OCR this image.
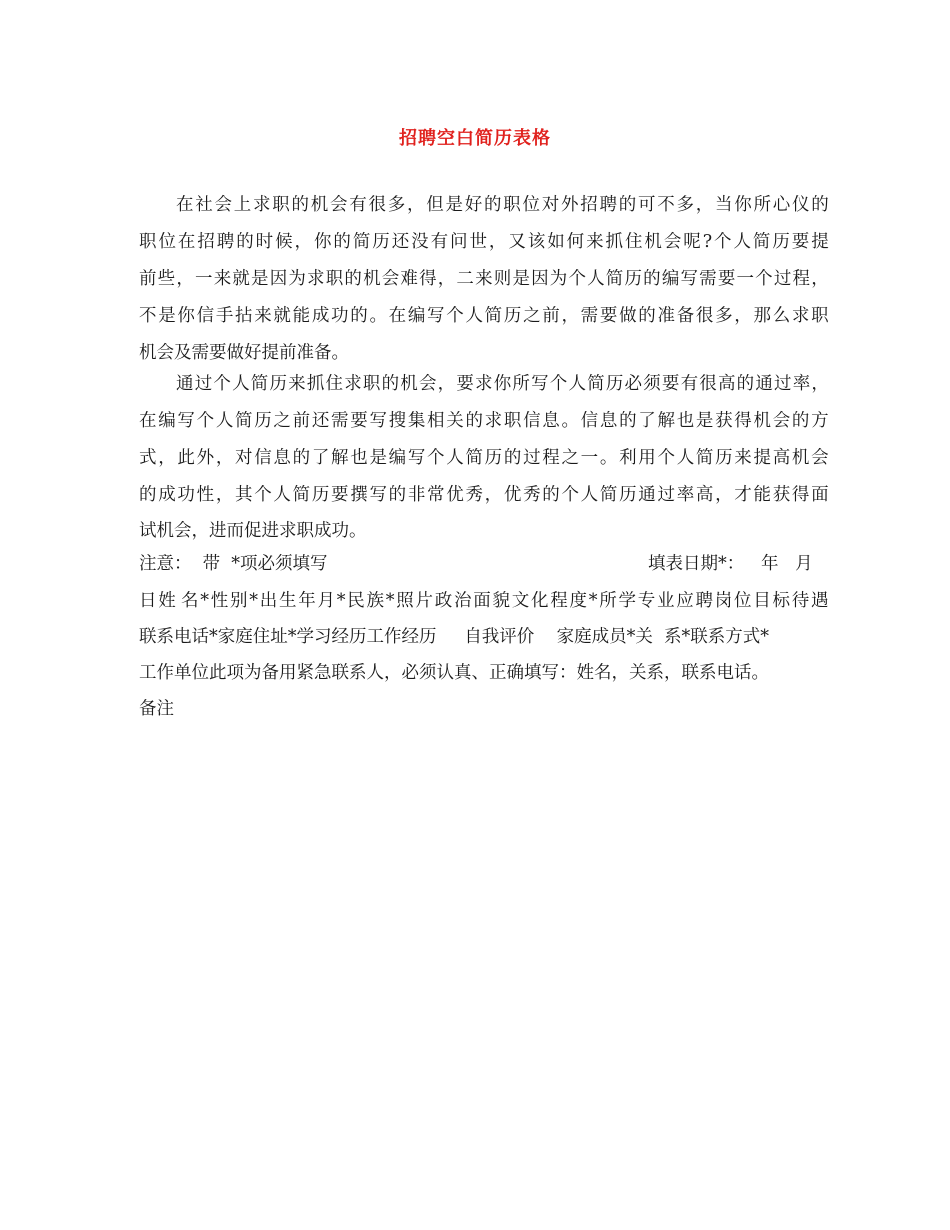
招聘空白简历表格
在 社 会 上 求 职 的 机 会 有 很 多 ， 但 是 好 的 职 位 对 外 招 聘 的 可 不 多 ， 当 你 所 心 仪 的
职 位 在 招 聘 的 时 候 ， 你 的 简 历 还 没 有 问 世 ， 又 该 如 何 来 抓 住 机 会 呢 ? 个 人 简 历 要 提
前 些 ， 一 来 就 是 因 为 求 职 的 机 会 难 得 ， 二 来 则 是 因 为 个 人 简 历 的 编 写 需 要 一 个 过 程 ，
不 是 你 信 手 拈 来 就 能 成 功 的 。 在 编 写 个 人 简 历 之 前 ， 需 要 做 的 准 备 很 多 ， 那 么 求 职
机会及需要做好提前准备。
通 过 个 人 简 历 来 抓 住 求 职 的 机 会 ， 要 求 你 所 写 个 人 简 历 必 须 要 有 很 高 的 通 过 率 ，
在 编 写 个 人 简 历 之 前 还 需 要 写 搜 集 相 关 的 求 职 信 息 。 信 息 的 了 解 也 是 获 得 机 会 的 方
式 ， 此 外 ， 对 信 息 的 了 解 也 是 编 写 个 人 简 历 的 过 程 之 一 。 利 用 个 人 简 历 来 提 高 机 会
的 成 功 性 ， 其 个 人 简 历 要 撰 写 的 非 常 优 秀 ， 优 秀 的 个 人 简 历 通 过 率 高 ， 才 能 获 得 面
试机会，进而促进求职成功。
注意：  带  *项必须填写	填表日期*：   年   月
日 姓 名 * 性 别 * 出 生 年 月 * 民 族 * 照 片 政 治 面 貌 文 化 程 度 * 所 学 专 业 应 聘 岗 位 目 标 待 遇
联系电话*家庭住址*学习经历工作经历     自我评价    家庭成员*关  系*联系方式*
工作单位此项为备用紧急联系人，必须认真、正确填写：姓名，关系，联系电话。
备注
